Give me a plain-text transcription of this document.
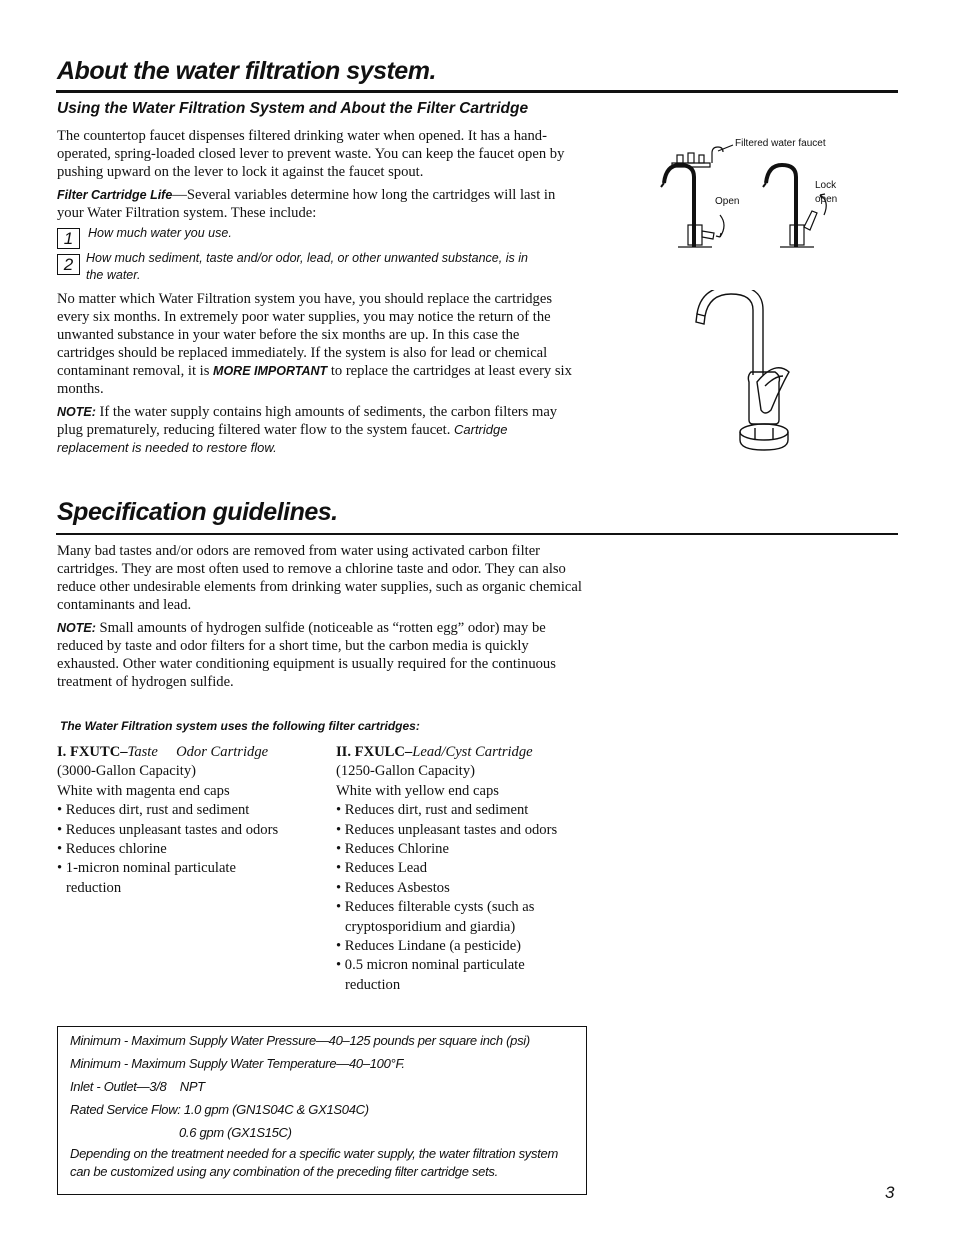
About the water filtration system.
Using the Water Filtration System and About the Filter Cartridge

The countertop faucet dispenses filtered drinking water when opened. It has a hand-operated, spring-loaded closed lever to prevent waste. You can keep the faucet open by pushing upward on the lever to lock it against the faucet spout.

Filter Cartridge Life—Several variables determine how long the cartridges will last in your Water Filtration system. These include:

1	How much water you use.
2	How much sediment, taste and/or odor, lead, or other unwanted substance, is in the water.

No matter which Water Filtration system you have, you should replace the cartridges every six months. In extremely poor water supplies, you may notice the return of the unwanted substance in your water before the six months are up. In this case the cartridges should be replaced immediately. If the system is also for lead or chemical contaminant removal, it is MORE IMPORTANT to replace the cartridges at least every six months.

NOTE: If the water supply contains high amounts of sediments, the carbon filters may plug prematurely, reducing filtered water flow to the system faucet. Cartridge replacement is needed to restore flow.

Filtered water faucet
Open
Lock
open
Specification guidelines.

Many bad tastes and/or odors are removed from water using activated carbon filter cartridges. They are most often used to remove a chlorine taste and odor. They can also reduce other undesirable elements from drinking water supplies, such as organic chemical contaminants and lead.

NOTE: Small amounts of hydrogen sulfide (noticeable as “rotten egg” odor) may be reduced by taste and odor filters for a short time, but the carbon media is quickly exhausted. Other water conditioning equipment is usually required for the continuous treatment of hydrogen sulfide.

The Water Filtration system uses the following filter cartridges:
I. FXUTC–Taste     Odor Cartridge
(3000-Gallon Capacity)
White with magenta end caps
• Reduces dirt, rust and sediment
• Reduces unpleasant tastes and odors
• Reduces chlorine
• 1-micron nominal particulate reduction
II. FXULC–Lead/Cyst Cartridge
(1250-Gallon Capacity)
White with yellow end caps
• Reduces dirt, rust and sediment
• Reduces unpleasant tastes and odors
• Reduces Chlorine
• Reduces Lead
• Reduces Asbestos
• Reduces filterable cysts (such as cryptosporidium and giardia)
• Reduces Lindane (a pesticide)
• 0.5 micron nominal particulate reduction
Minimum - Maximum Supply Water Pressure—40–125 pounds per square inch (psi)
Minimum - Maximum Supply Water Temperature—40–100°F.
Inlet - Outlet—3/8    NPT
Rated Service Flow: 1.0 gpm (GN1S04C & GX1S04C)
0.6 gpm (GX1S15C)
Depending on the treatment needed for a specific water supply, the water filtration system can be customized using any combination of the preceding filter cartridge sets.
3
